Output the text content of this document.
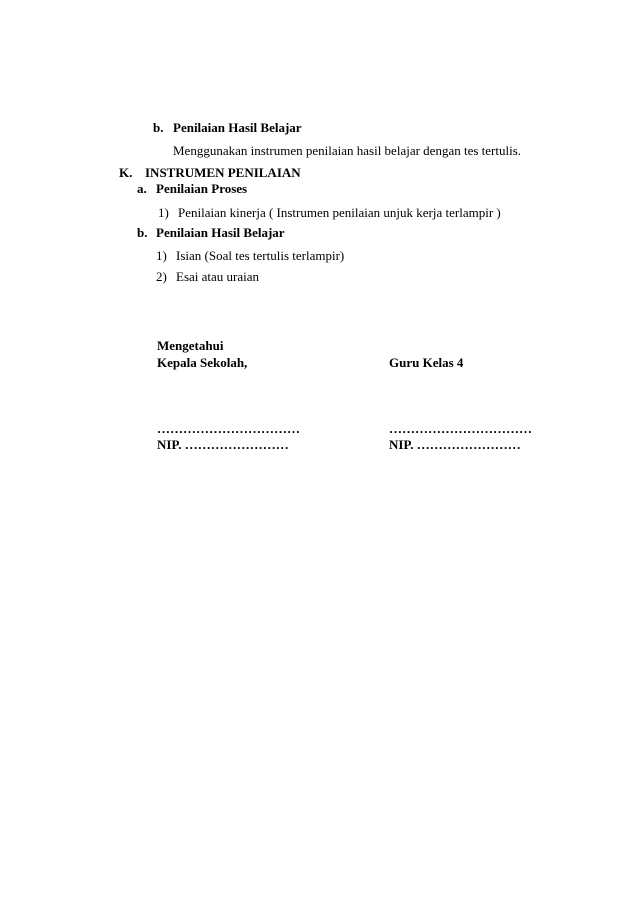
b. Penilaian Hasil Belajar
Menggunakan instrumen penilaian hasil belajar dengan tes tertulis.
K. INSTRUMEN PENILAIAN
a. Penilaian Proses
1) Penilaian kinerja ( Instrumen penilaian unjuk kerja terlampir )
b. Penilaian Hasil Belajar
1) Isian (Soal tes tertulis terlampir)
2) Esai atau uraian
Mengetahui
Kepala Sekolah,	Guru Kelas 4
……………………………	……………………………
NIP. ……………………	NIP. ……………………
